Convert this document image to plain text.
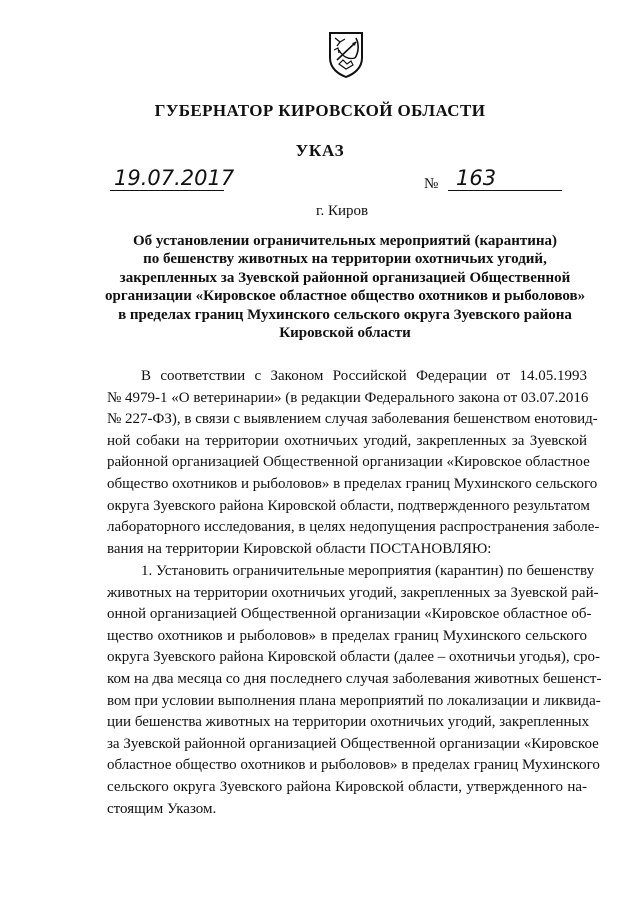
ГУБЕРНАТОР КИРОВСКОЙ ОБЛАСТИ
УКАЗ
19.07.2017	№ 163
г. Киров
Об установлении ограничительных мероприятий (карантина)
по бешенству животных на территории охотничьих угодий,
закрепленных за Зуевской районной организацией Общественной
организации «Кировское областное общество охотников и рыболовов»
в пределах границ Мухинского сельского округа Зуевского района
Кировской области
В соответствии с Законом Российской Федерации от 14.05.1993
№ 4979-1 «О ветеринарии» (в редакции Федерального закона от 03.07.2016
№ 227-ФЗ), в связи с выявлением случая заболевания бешенством енотовид-
ной собаки на территории охотничьих угодий, закрепленных за Зуевской
районной организацией Общественной организации «Кировское областное
общество охотников и рыболовов» в пределах границ Мухинского сельского
округа Зуевского района Кировской области, подтвержденного результатом
лабораторного исследования, в целях недопущения распространения заболе-
вания на территории Кировской области ПОСТАНОВЛЯЮ:
1. Установить ограничительные мероприятия (карантин) по бешенству
животных на территории охотничьих угодий, закрепленных за Зуевской рай-
онной организацией Общественной организации «Кировское областное об-
щество охотников и рыболовов» в пределах границ Мухинского сельского
округа Зуевского района Кировской области (далее – охотничьи угодья), сро-
ком на два месяца со дня последнего случая заболевания животных бешенст-
вом при условии выполнения плана мероприятий по локализации и ликвида-
ции бешенства животных на территории охотничьих угодий, закрепленных
за Зуевской районной организацией Общественной организации «Кировское
областное общество охотников и рыболовов» в пределах границ Мухинского
сельского округа Зуевского района Кировской области, утвержденного на-
стоящим Указом.
